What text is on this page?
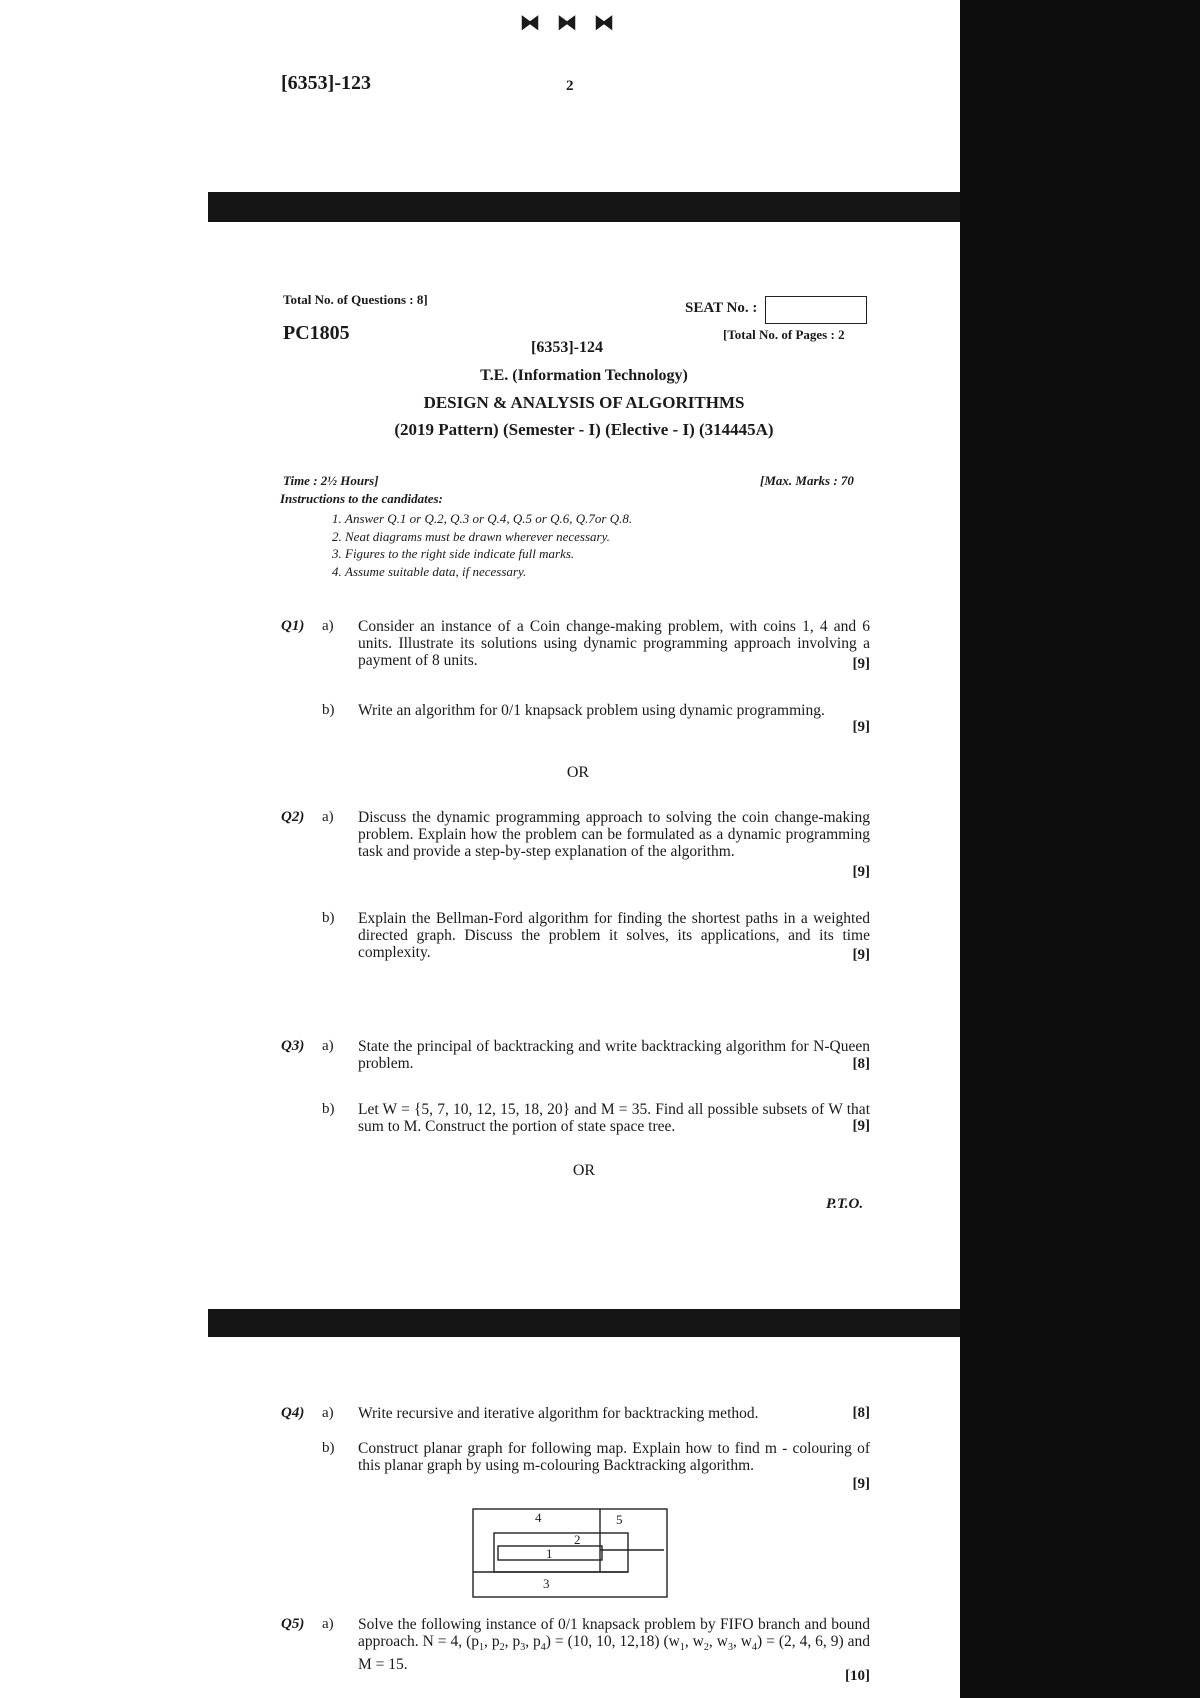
⧓ ⧓ ⧓
[6353]-123	2
Total No. of Questions : 8]
SEAT No. :
PC1805	[Total No. of Pages : 2
[6353]-124
T.E. (Information Technology)
DESIGN & ANALYSIS OF ALGORITHMS
(2019 Pattern) (Semester - I) (Elective - I) (314445A)
Time : 2½ Hours]	[Max. Marks : 70
Instructions to the candidates:
1. Answer Q.1 or Q.2, Q.3 or Q.4, Q.5 or Q.6, Q.7or Q.8.
2. Neat diagrams must be drawn wherever necessary.
3. Figures to the right side indicate full marks.
4. Assume suitable data, if necessary.
Q1) a) Consider an instance of a Coin change-making problem, with coins 1, 4 and 6 units. Illustrate its solutions using dynamic programming approach involving a payment of 8 units.	[9]
b) Write an algorithm for 0/1 knapsack problem using dynamic programming.
[9]
OR
Q2) a) Discuss the dynamic programming approach to solving the coin change-making problem. Explain how the problem can be formulated as a dynamic programming task and provide a step-by-step explanation of the algorithm.
[9]
b) Explain the Bellman-Ford algorithm for finding the shortest paths in a weighted directed graph. Discuss the problem it solves, its applications, and its time complexity.	[9]
Q3) a) State the principal of backtracking and write backtracking algorithm for N-Queen problem.	[8]
b) Let W = {5, 7, 10, 12, 15, 18, 20} and M = 35. Find all possible subsets of W that sum to M. Construct the portion of state space tree.	[9]
OR
P.T.O.
Q4) a) Write recursive and iterative algorithm for backtracking method.	[8]
b) Construct planar graph for following map. Explain how to find m - colouring of this planar graph by using m-colouring Backtracking algorithm.
[9]
4	5
2
1
3
Q5) a) Solve the following instance of 0/1 knapsack problem by FIFO branch and bound approach. N = 4, ($p_1$, $p_2$, $p_3$, $p_4) = (10$, 10, 12,18) ($w_1$, $w_2$, $w_3$, $w_4) = (2$, 4, 6, 9) and M = 15.
[10]
